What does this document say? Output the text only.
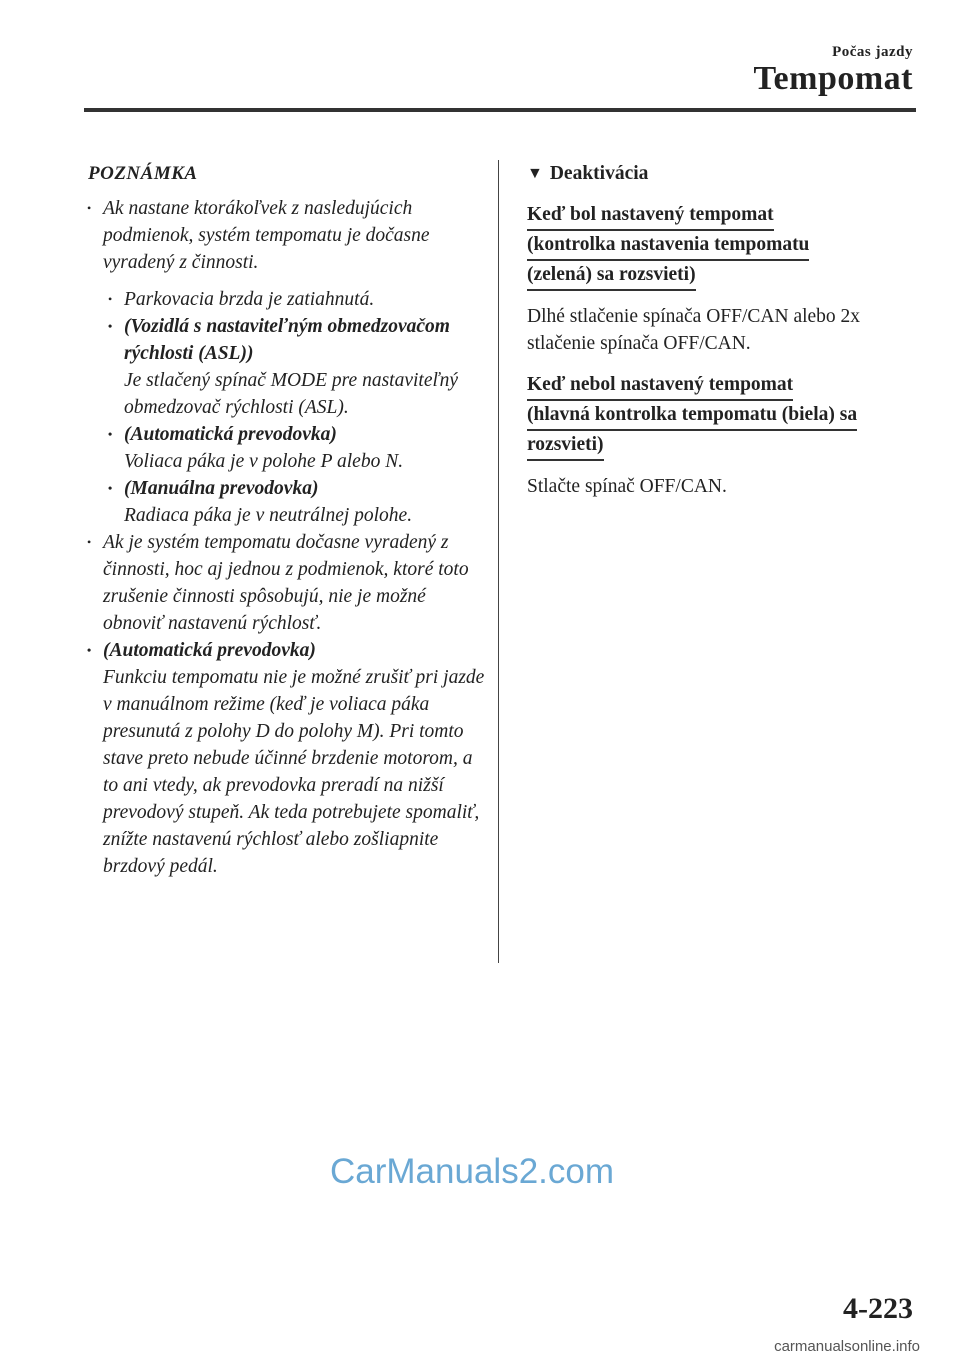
Počas jazdy
Tempomat
POZNÁMKA
• Ak nastane ktorákoľvek z nasledujúcich podmienok, systém tempomatu je dočasne vyradený z činnosti.
• Parkovacia brzda je zatiahnutá.
• (Vozidlá s nastaviteľným obmedzovačom rýchlosti (ASL))
Je stlačený spínač MODE pre nastaviteľný obmedzovač rýchlosti (ASL).
• (Automatická prevodovka)
Voliaca páka je v polohe P alebo N.
• (Manuálna prevodovka)
Radiaca páka je v neutrálnej polohe.
• Ak je systém tempomatu dočasne vyradený z činnosti, hoc aj jednou z podmienok, ktoré toto zrušenie činnosti spôsobujú, nie je možné obnoviť nastavenú rýchlosť.
• (Automatická prevodovka)
Funkciu tempomatu nie je možné zrušiť pri jazde v manuálnom režime (keď je voliaca páka presunutá z polohy D do polohy M). Pri tomto stave preto nebude účinné brzdenie motorom, a to ani vtedy, ak prevodovka preradí na nižší prevodový stupeň. Ak teda potrebujete spomaliť, znížte nastavenú rýchlosť alebo zošliapnite brzdový pedál.
▼ Deaktivácia
Keď bol nastavený tempomat
(kontrolka nastavenia tempomatu
(zelená) sa rozsvieti)
Dlhé stlačenie spínača OFF/CAN alebo 2x stlačenie spínača OFF/CAN.
Keď nebol nastavený tempomat
(hlavná kontrolka tempomatu (biela) sa
rozsvieti)
Stlačte spínač OFF/CAN.
CarManuals2.com
4-223
carmanualsonline.info
